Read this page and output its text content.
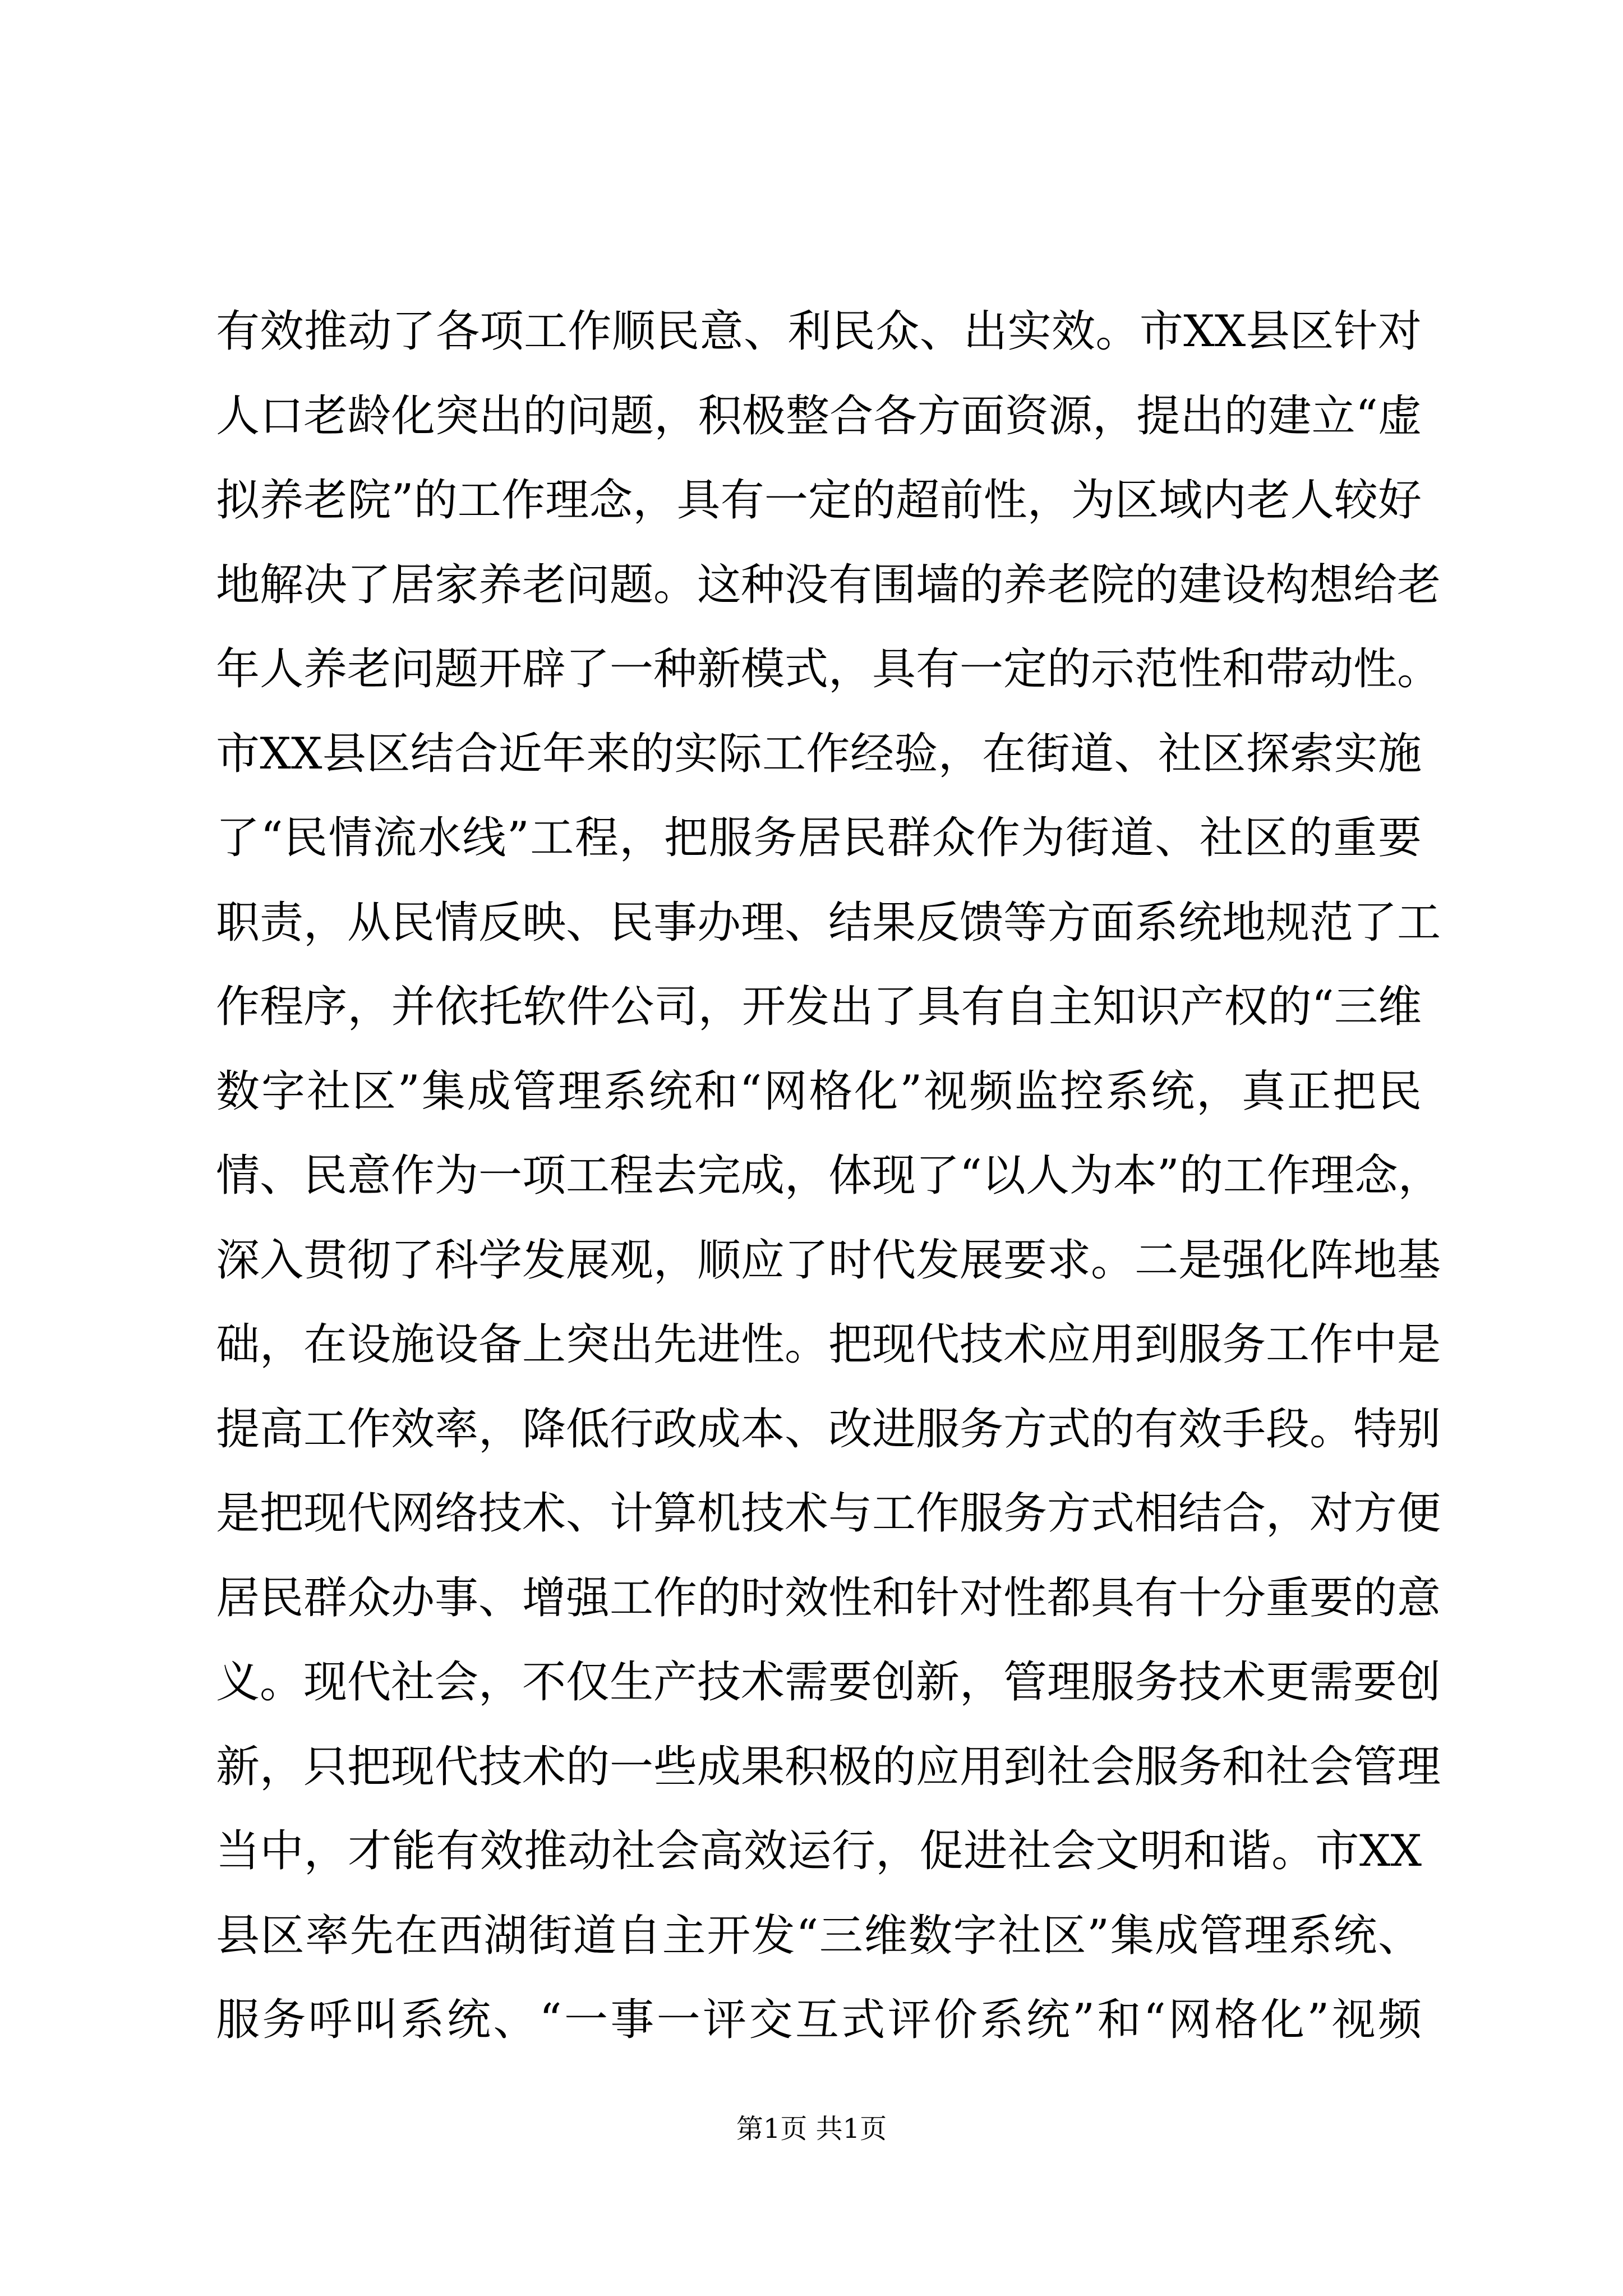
有效推动了各项工作顺民意、利民众、出实效。市XX县区针对
人口老龄化突出的问题，积极整合各方面资源，提出的建立“虚
拟养老院”的工作理念，具有一定的超前性，为区域内老人较好
地解决了居家养老问题。这种没有围墙的养老院的建设构想给老
年人养老问题开辟了一种新模式，具有一定的示范性和带动性。
市XX县区结合近年来的实际工作经验，在街道、社区探索实施
了“民情流水线”工程，把服务居民群众作为街道、社区的重要
职责，从民情反映、民事办理、结果反馈等方面系统地规范了工
作程序，并依托软件公司，开发出了具有自主知识产权的“三维
数字社区”集成管理系统和“网格化”视频监控系统，真正把民
情、民意作为一项工程去完成，体现了“以人为本”的工作理念，
深入贯彻了科学发展观，顺应了时代发展要求。二是强化阵地基
础，在设施设备上突出先进性。把现代技术应用到服务工作中是
提高工作效率，降低行政成本、改进服务方式的有效手段。特别
是把现代网络技术、计算机技术与工作服务方式相结合，对方便
居民群众办事、增强工作的时效性和针对性都具有十分重要的意
义。现代社会，不仅生产技术需要创新，管理服务技术更需要创
新，只把现代技术的一些成果积极的应用到社会服务和社会管理
当中，才能有效推动社会高效运行，促进社会文明和谐。市XX
县区率先在西湖街道自主开发“三维数字社区”集成管理系统、
服务呼叫系统、“一事一评交互式评价系统”和“网格化”视频
第1页 共1页
